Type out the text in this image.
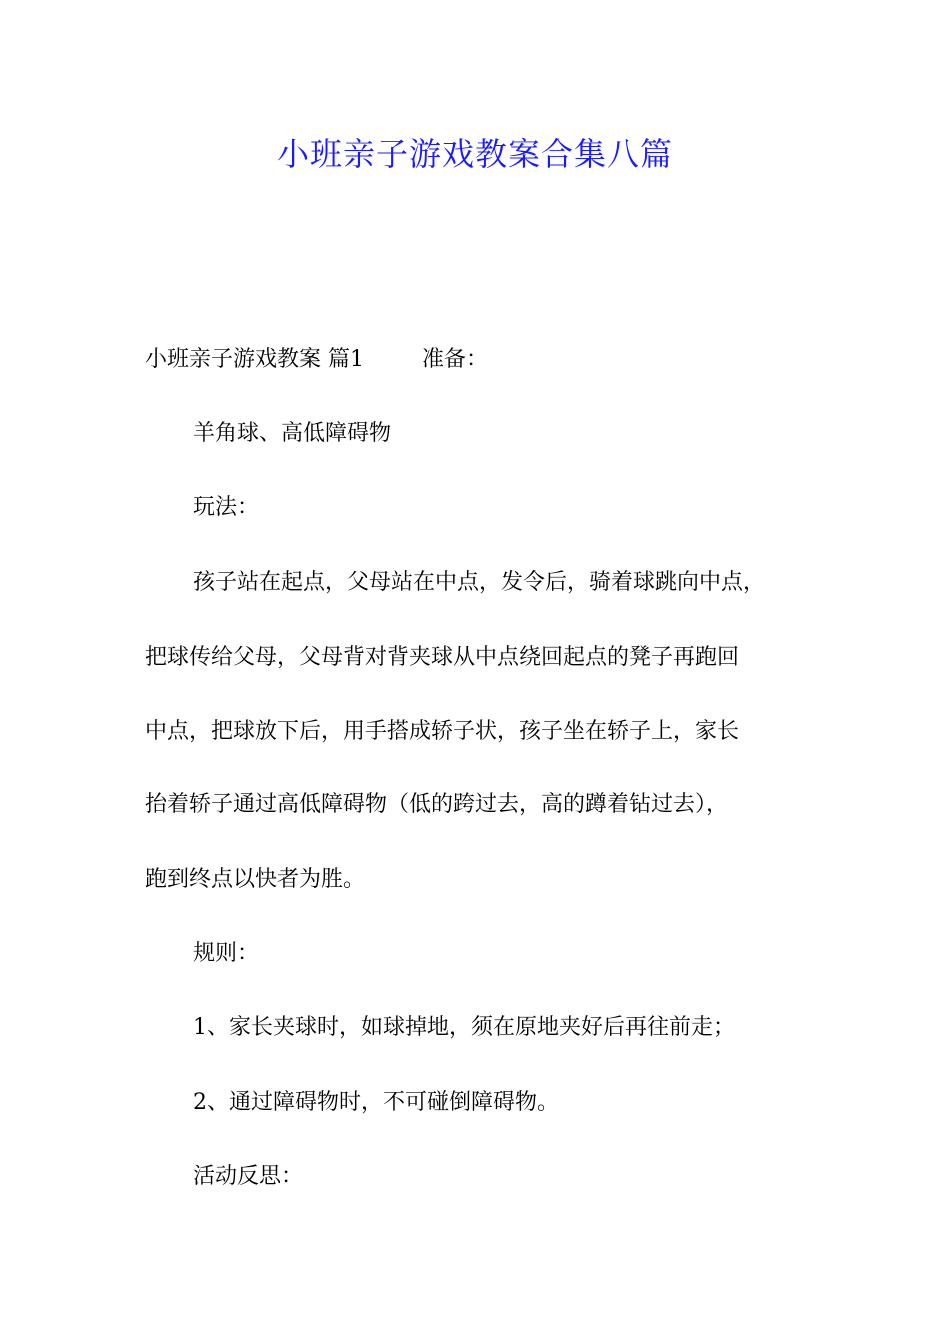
小班亲子游戏教案合集八篇
小班亲子游戏教案 篇1	准备：
羊角球、高低障碍物
玩法：
孩子站在起点，父母站在中点，发令后，骑着球跳向中点，
把球传给父母，父母背对背夹球从中点绕回起点的凳子再跑回
中点，把球放下后，用手搭成轿子状，孩子坐在轿子上，家长
抬着轿子通过高低障碍物（低的跨过去，高的蹲着钻过去），
跑到终点以快者为胜。
规则：
1、家长夹球时，如球掉地，须在原地夹好后再往前走；
2、通过障碍物时，不可碰倒障碍物。
活动反思：
